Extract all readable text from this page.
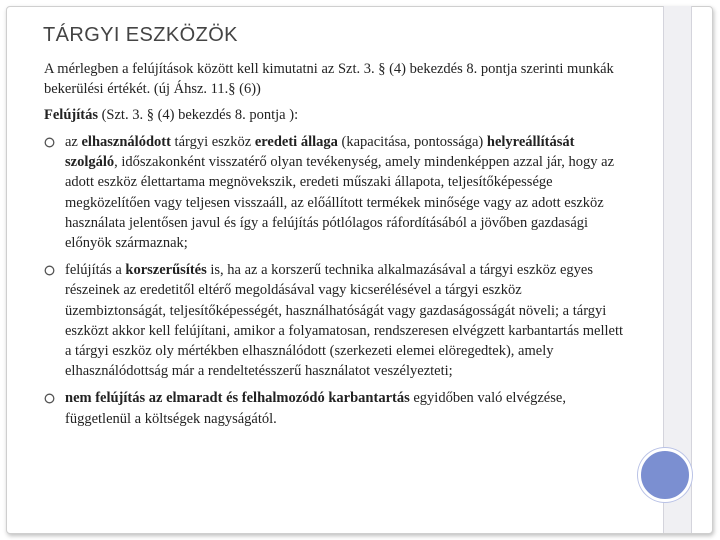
TÁRGYI ESZKÖZÖK
A mérlegben a felújítások között kell kimutatni az Szt. 3. § (4) bekezdés 8. pontja szerinti munkák bekerülési értékét. (új Áhsz. 11.§ (6))
Felújítás (Szt. 3. § (4) bekezdés 8. pontja ):
az elhasználódott tárgyi eszköz eredeti állaga (kapacitása, pontossága) helyreállítását szolgáló, időszakonként visszatérő olyan tevékenység, amely mindenképpen azzal jár, hogy az adott eszköz élettartama megnövekszik, eredeti műszaki állapota, teljesítőképessége megközelítően vagy teljesen visszaáll, az előállított termékek minősége vagy az adott eszköz használata jelentősen javul és így a felújítás pótlólagos ráfordításából a jövőben gazdasági előnyök származnak;
felújítás a korszerűsítés is, ha az a korszerű technika alkalmazásával a tárgyi eszköz egyes részeinek az eredetitől eltérő megoldásával vagy kicserélésével a tárgyi eszköz üzembiztonságát, teljesítőképességét, használhatóságát vagy gazdaságosságát növeli; a tárgyi eszközt akkor kell felújítani, amikor a folyamatosan, rendszeresen elvégzett karbantartás mellett a tárgyi eszköz oly mértékben elhasználódott (szerkezeti elemei elöregedtek), amely elhasználódottság már a rendeltetésszerű használatot veszélyezteti;
nem felújítás az elmaradt és felhalmozódó karbantartás egyidőben való elvégzése, függetlenül a költségek nagyságától.
